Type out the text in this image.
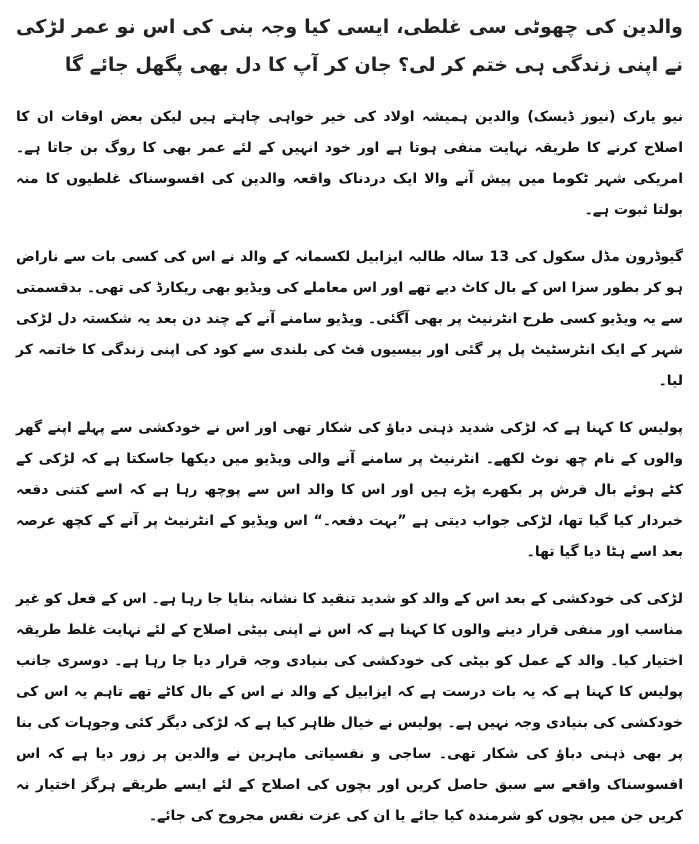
والدین کی چھوٹی سی غلطی، ایسی کیا وجہ بنی کی اس نو عمر لڑکی نے اپنی زندگی ہی ختم کر لی؟ جان کر آپ کا دل بھی پگھل جائے گا

نیو یارک (نیوز ڈیسک) والدین ہمیشہ اولاد کی خیر خواہی چاہتے ہیں لیکن بعض اوقات ان کا اصلاح کرنے کا طریقہ نہایت منفی ہوتا ہے اور خود انہیں کے لئے عمر بھی کا روگ بن جاتا ہے۔ امریکی شہر ٹکوما میں پیش آنے والا ایک دردناک واقعہ والدین کی افسوسناک غلطیوں کا منہ بولتا ثبوت ہے۔

گیوڈرون مڈل سکول کی 13 سالہ طالبہ ایزابیل لکسمانہ کے والد نے اس کی کسی بات سے ناراض ہو کر بطور سزا اس کے بال کاٹ دیے تھے اور اس معاملے کی ویڈیو بھی ریکارڈ کی تھی۔ بدقسمتی سے یہ ویڈیو کسی طرح انٹرنیٹ پر بھی آگئی۔ ویڈیو سامنے آنے کے چند دن بعد یہ شکستہ دل لڑکی شہر کے ایک انٹرسٹیٹ پل پر گئی اور بیسیوں فٹ کی بلندی سے کود کی اپنی زندگی کا خاتمہ کر لیا۔

پولیس کا کہنا ہے کہ لڑکی شدید ذہنی دباؤ کی شکار تھی اور اس نے خودکشی سے پہلے اپنے گھر والوں کے نام چھ نوٹ لکھے۔ انٹرنیٹ پر سامنے آنے والی ویڈیو میں دیکھا جاسکتا ہے کہ لڑکی کے کٹے ہوئے بال فرش پر بکھرے پڑے ہیں اور اس کا والد اس سے پوچھ رہا ہے کہ اسے کتنی دفعہ خبردار کیا گیا تھا، لڑکی جواب دیتی ہے ”بہت دفعہ۔“ اس ویڈیو کے انٹرنیٹ پر آنے کے کچھ عرصہ بعد اسے ہٹا دیا گیا تھا۔

لڑکی کی خودکشی کے بعد اس کے والد کو شدید تنقید کا نشانہ بنایا جا رہا ہے۔ اس کے فعل کو غیر مناسب اور منفی قرار دینے والوں کا کہنا ہے کہ اس نے اپنی بیٹی اصلاح کے لئے نہایت غلط طریقہ اختیار کیا۔ والد کے عمل کو بیٹی کی خودکشی کی بنیادی وجہ قرار دیا جا رہا ہے۔ دوسری جانب پولیس کا کہنا ہے کہ یہ بات درست ہے کہ ایزابیل کے والد نے اس کے بال کاٹے تھے تاہم یہ اس کی خودکشی کی بنیادی وجہ نہیں ہے۔ پولیس نے خیال ظاہر کیا ہے کہ لڑکی دیگر کئی وجوہات کی بنا پر بھی ذہنی دباؤ کی شکار تھی۔ ساجی و نفسیاتی ماہرین نے والدین پر زور دیا ہے کہ اس افسوسناک واقعے سے سبق حاصل کریں اور بچوں کی اصلاح کے لئے ایسے طریقے ہرگز اختیار نہ کریں جن میں بچوں کو شرمندہ کیا جائے یا ان کی عزت نفس مجروح کی جائے۔
